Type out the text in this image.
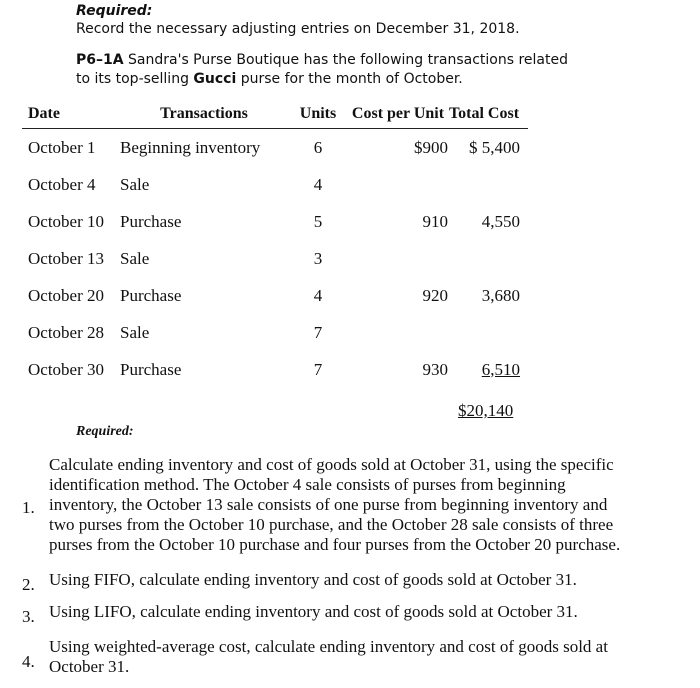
Required:
Record the necessary adjusting entries on December 31, 2018.
P6–1A Sandra's Purse Boutique has the following transactions related to its top-selling Gucci purse for the month of October.
Date	Transactions	Units	Cost per Unit	Total Cost
October 1	Beginning inventory	6	$900	$ 5,400
October 4	Sale	4		
October 10	Purchase	5	910	4,550
October 13	Sale	3		
October 20	Purchase	4	920	3,680
October 28	Sale	7		
October 30	Purchase	7	930	6,510
$20,140
Required:
1.
Calculate ending inventory and cost of goods sold at October 31, using the specific
identification method. The October 4 sale consists of purses from beginning
inventory, the October 13 sale consists of one purse from beginning inventory and
two purses from the October 10 purchase, and the October 28 sale consists of three
purses from the October 10 purchase and four purses from the October 20 purchase.
2. Using FIFO, calculate ending inventory and cost of goods sold at October 31.
3. Using LIFO, calculate ending inventory and cost of goods sold at October 31.
4.
Using weighted-average cost, calculate ending inventory and cost of goods sold at
October 31.
